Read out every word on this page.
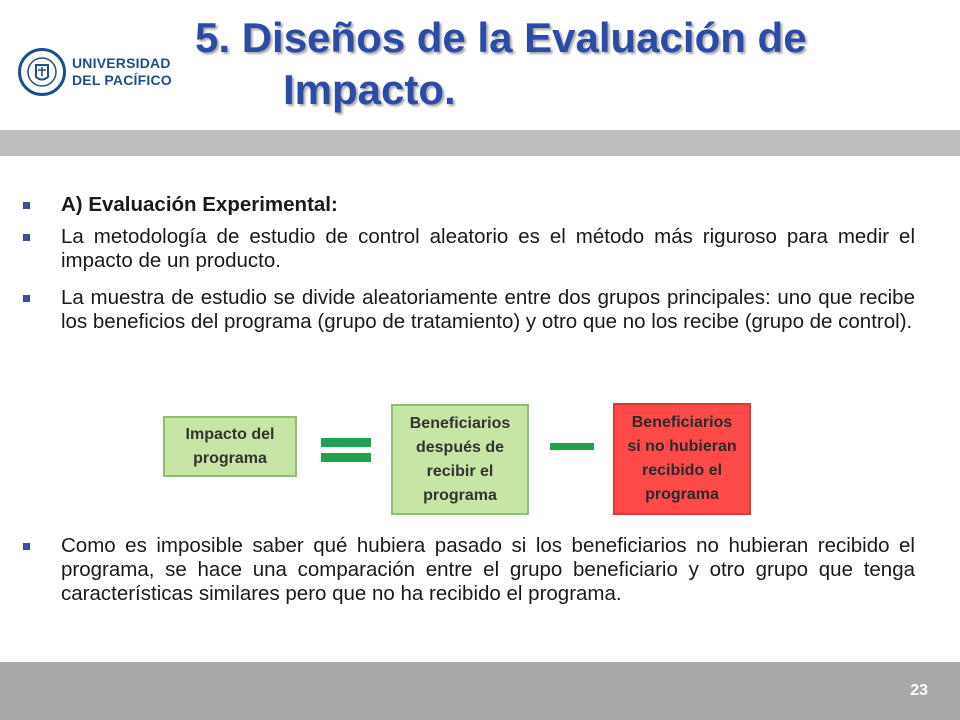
UNIVERSIDAD
DEL PACÍFICO
5. Diseños de la Evaluación de
Impacto.
A) Evaluación Experimental:
La metodología de estudio de control aleatorio es el método más riguroso para medir el impacto de un producto.
La muestra de estudio se divide aleatoriamente entre dos grupos principales: uno que recibe los beneficios del programa (grupo de tratamiento) y otro que no los recibe (grupo de control).
Impacto del
programa
Beneficiarios
después de
recibir el
programa
Beneficiarios
si no hubieran
recibido el
programa
Como es imposible saber qué hubiera pasado si los beneficiarios no hubieran recibido el programa, se hace una comparación entre el grupo beneficiario y otro grupo que tenga características similares pero que no ha recibido el programa.
23
